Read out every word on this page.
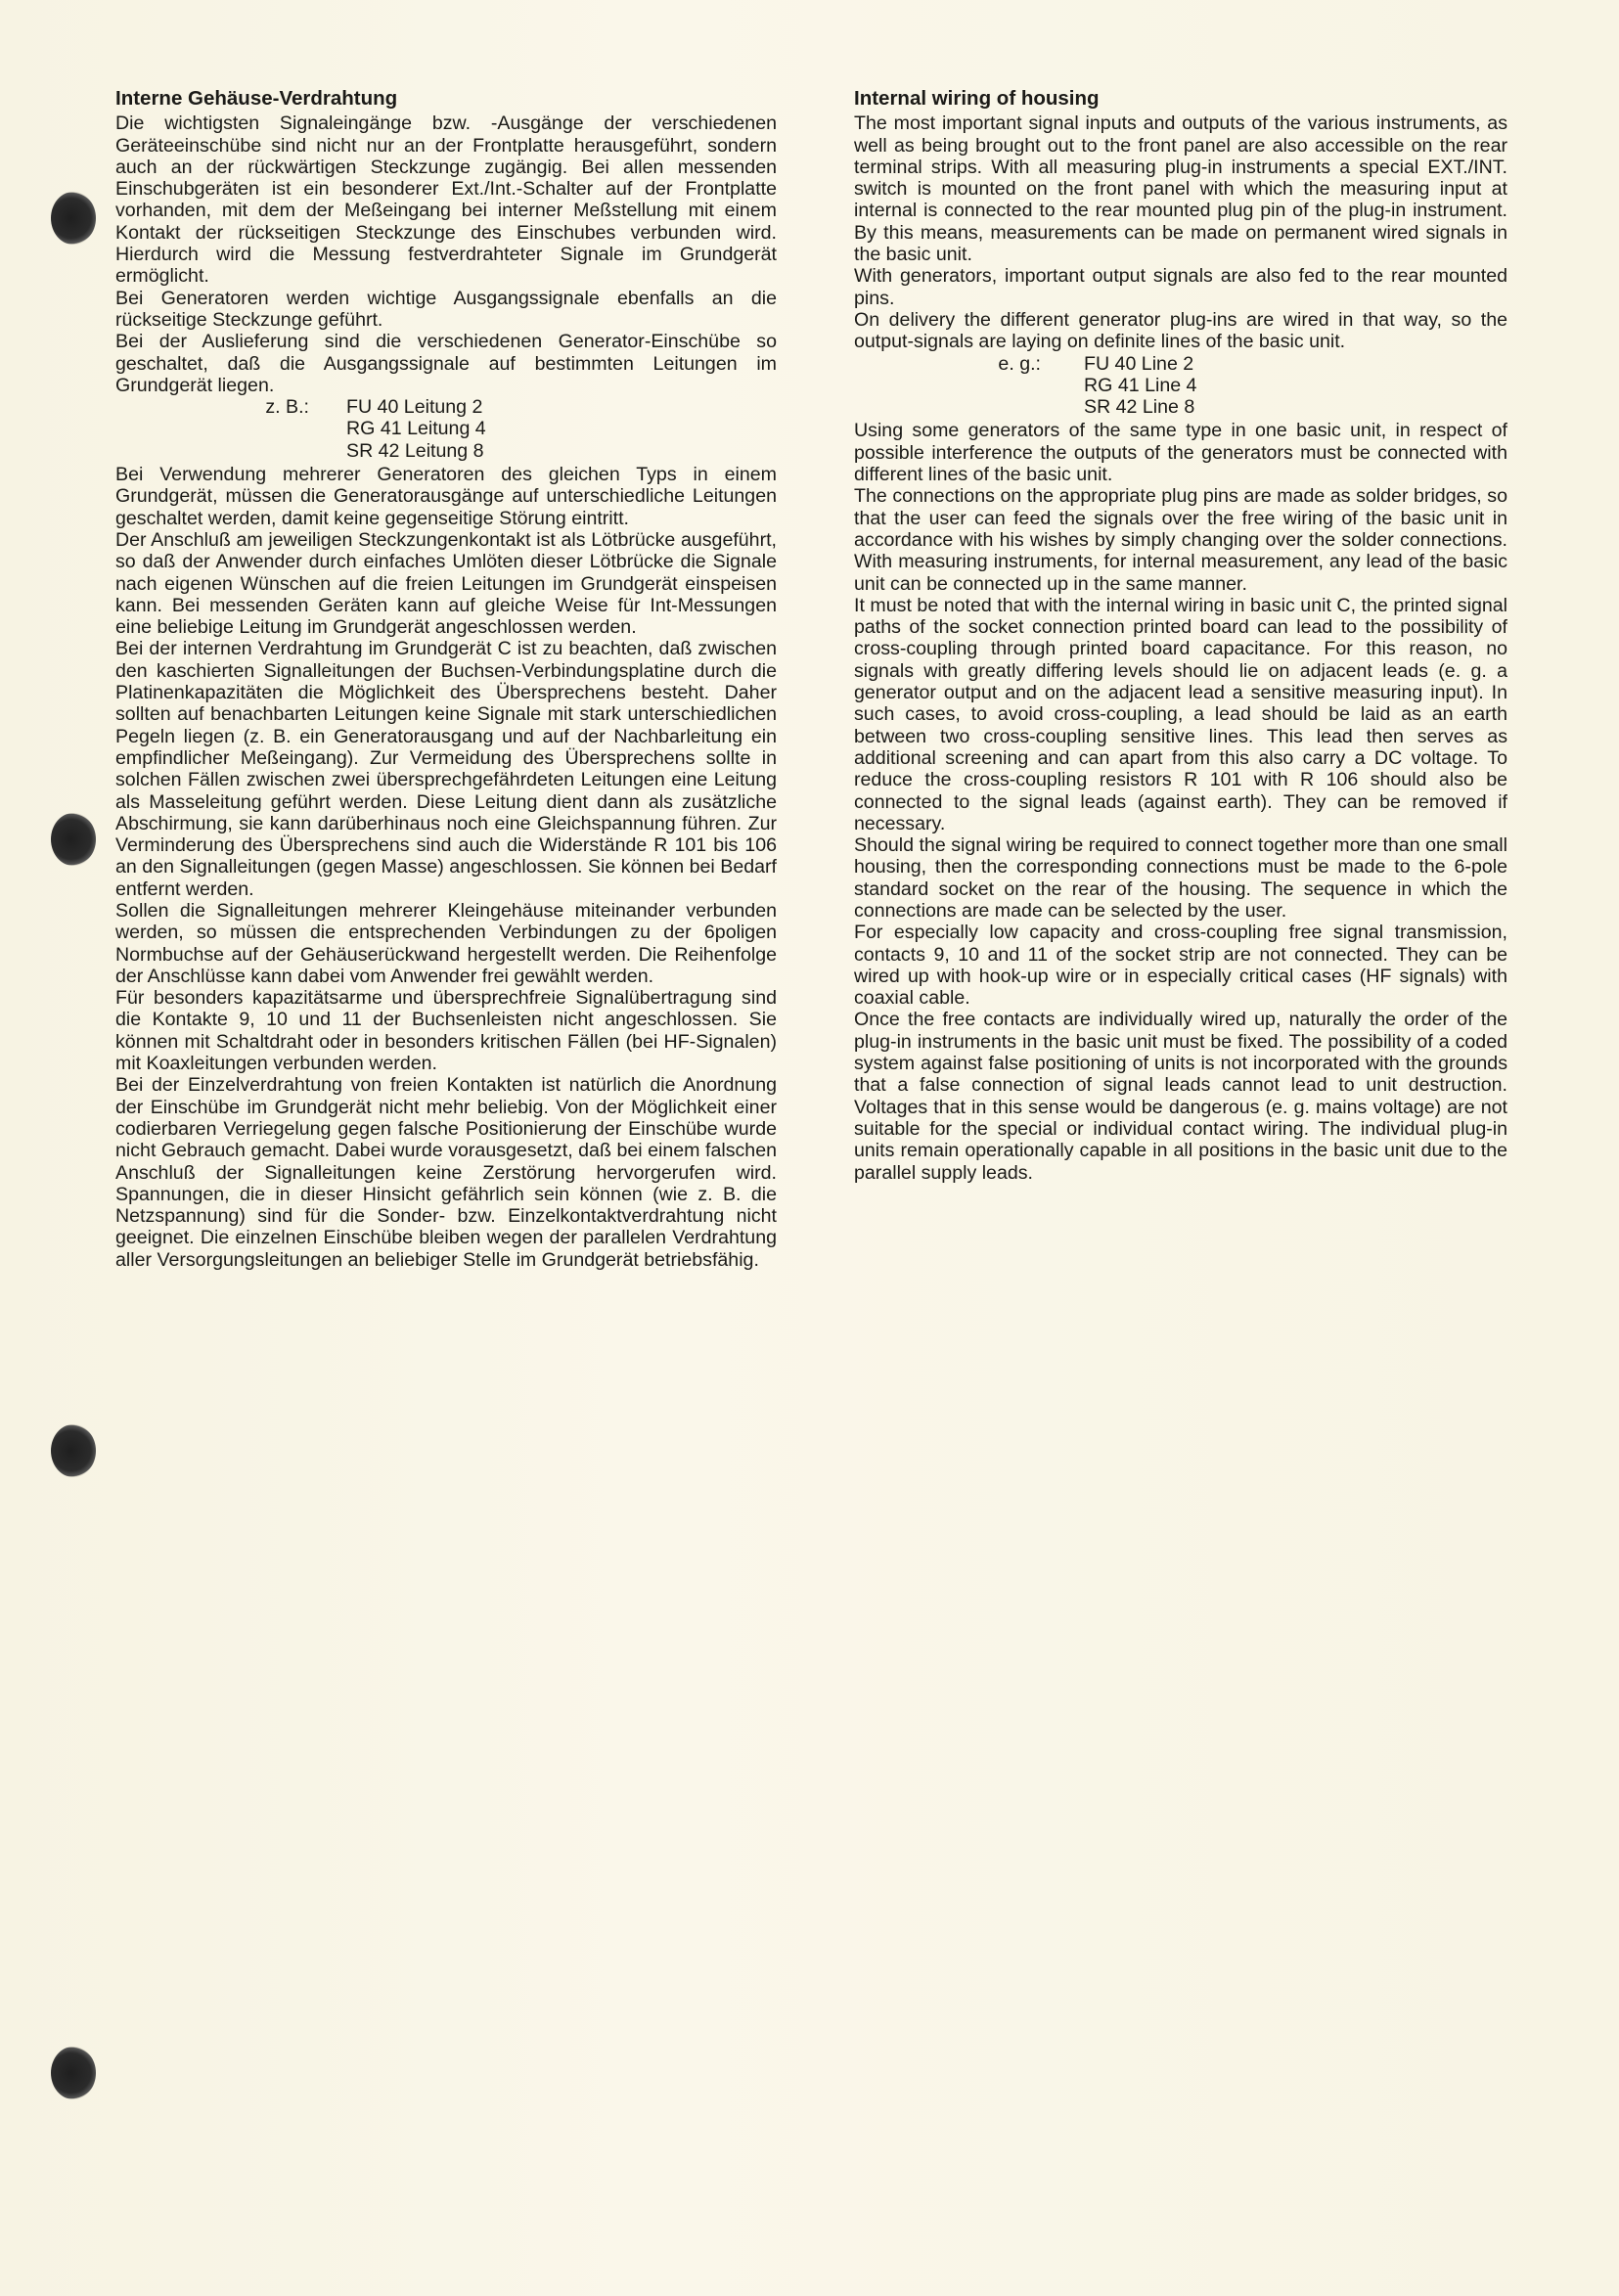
Interne Gehäuse-Verdrahtung

Die wichtigsten Signaleingänge bzw. -Ausgänge der verschiedenen Geräteeinschübe sind nicht nur an der Frontplatte herausgeführt, sondern auch an der rückwärtigen Steckzunge zugängig. Bei allen messenden Einschubgeräten ist ein besonderer Ext./Int.-Schalter auf der Frontplatte vorhanden, mit dem der Meßeingang bei interner Meßstellung mit einem Kontakt der rückseitigen Steckzunge des Einschubes verbunden wird. Hierdurch wird die Messung festverdrahteter Signale im Grundgerät ermöglicht.

Bei Generatoren werden wichtige Ausgangssignale ebenfalls an die rückseitige Steckzunge geführt.

Bei der Auslieferung sind die verschiedenen Generator-Einschübe so geschaltet, daß die Ausgangssignale auf bestimmten Leitungen im Grundgerät liegen.

z. B.:	FU 40 Leitung 2
RG 41 Leitung 4
SR 42 Leitung 8

Bei Verwendung mehrerer Generatoren des gleichen Typs in einem Grundgerät, müssen die Generatorausgänge auf unterschiedliche Leitungen geschaltet werden, damit keine gegenseitige Störung eintritt.

Der Anschluß am jeweiligen Steckzungenkontakt ist als Lötbrücke ausgeführt, so daß der Anwender durch einfaches Umlöten dieser Lötbrücke die Signale nach eigenen Wünschen auf die freien Leitungen im Grundgerät einspeisen kann. Bei messenden Geräten kann auf gleiche Weise für Int-Messungen eine beliebige Leitung im Grundgerät angeschlossen werden.

Bei der internen Verdrahtung im Grundgerät C ist zu beachten, daß zwischen den kaschierten Signalleitungen der Buchsen-Verbindungsplatine durch die Platinenkapazitäten die Möglichkeit des Übersprechens besteht. Daher sollten auf benachbarten Leitungen keine Signale mit stark unterschiedlichen Pegeln liegen (z. B. ein Generatorausgang und auf der Nachbarleitung ein empfindlicher Meßeingang). Zur Vermeidung des Übersprechens sollte in solchen Fällen zwischen zwei übersprechgefährdeten Leitungen eine Leitung als Masseleitung geführt werden. Diese Leitung dient dann als zusätzliche Abschirmung, sie kann darüberhinaus noch eine Gleichspannung führen. Zur Verminderung des Übersprechens sind auch die Widerstände R 101 bis 106 an den Signalleitungen (gegen Masse) angeschlossen. Sie können bei Bedarf entfernt werden.

Sollen die Signalleitungen mehrerer Kleingehäuse miteinander verbunden werden, so müssen die entsprechenden Verbindungen zu der 6poligen Normbuchse auf der Gehäuserückwand hergestellt werden. Die Reihenfolge der Anschlüsse kann dabei vom Anwender frei gewählt werden.

Für besonders kapazitätsarme und übersprechfreie Signalübertragung sind die Kontakte 9, 10 und 11 der Buchsenleisten nicht angeschlossen. Sie können mit Schaltdraht oder in besonders kritischen Fällen (bei HF-Signalen) mit Koaxleitungen verbunden werden.

Bei der Einzelverdrahtung von freien Kontakten ist natürlich die Anordnung der Einschübe im Grundgerät nicht mehr beliebig. Von der Möglichkeit einer codierbaren Verriegelung gegen falsche Positionierung der Einschübe wurde nicht Gebrauch gemacht. Dabei wurde vorausgesetzt, daß bei einem falschen Anschluß der Signalleitungen keine Zerstörung hervorgerufen wird. Spannungen, die in dieser Hinsicht gefährlich sein können (wie z. B. die Netzspannung) sind für die Sonder- bzw. Einzelkontaktverdrahtung nicht geeignet. Die einzelnen Einschübe bleiben wegen der parallelen Verdrahtung aller Versorgungsleitungen an beliebiger Stelle im Grundgerät betriebsfähig.

Internal wiring of housing

The most important signal inputs and outputs of the various instruments, as well as being brought out to the front panel are also accessible on the rear terminal strips. With all measuring plug-in instruments a special EXT./INT. switch is mounted on the front panel with which the measuring input at internal is connected to the rear mounted plug pin of the plug-in instrument. By this means, measurements can be made on permanent wired signals in the basic unit.

With generators, important output signals are also fed to the rear mounted pins.

On delivery the different generator plug-ins are wired in that way, so the output-signals are laying on definite lines of the basic unit.

e. g.:	FU 40 Line 2
RG 41 Line 4
SR 42 Line 8

Using some generators of the same type in one basic unit, in respect of possible interference the outputs of the generators must be connected with different lines of the basic unit.

The connections on the appropriate plug pins are made as solder bridges, so that the user can feed the signals over the free wiring of the basic unit in accordance with his wishes by simply changing over the solder connections. With measuring instruments, for internal measurement, any lead of the basic unit can be connected up in the same manner.

It must be noted that with the internal wiring in basic unit C, the printed signal paths of the socket connection printed board can lead to the possibility of cross-coupling through printed board capacitance. For this reason, no signals with greatly differing levels should lie on adjacent leads (e. g. a generator output and on the adjacent lead a sensitive measuring input). In such cases, to avoid cross-coupling, a lead should be laid as an earth between two cross-coupling sensitive lines. This lead then serves as additional screening and can apart from this also carry a DC voltage. To reduce the cross-coupling resistors R 101 with R 106 should also be connected to the signal leads (against earth). They can be removed if necessary.

Should the signal wiring be required to connect together more than one small housing, then the corresponding connections must be made to the 6-pole standard socket on the rear of the housing. The sequence in which the connections are made can be selected by the user.

For especially low capacity and cross-coupling free signal transmission, contacts 9, 10 and 11 of the socket strip are not connected. They can be wired up with hook-up wire or in especially critical cases (HF signals) with coaxial cable.

Once the free contacts are individually wired up, naturally the order of the plug-in instruments in the basic unit must be fixed. The possibility of a coded system against false positioning of units is not incorporated with the grounds that a false connection of signal leads cannot lead to unit destruction. Voltages that in this sense would be dangerous (e. g. mains voltage) are not suitable for the special or individual contact wiring. The individual plug-in units remain operationally capable in all positions in the basic unit due to the parallel supply leads.
